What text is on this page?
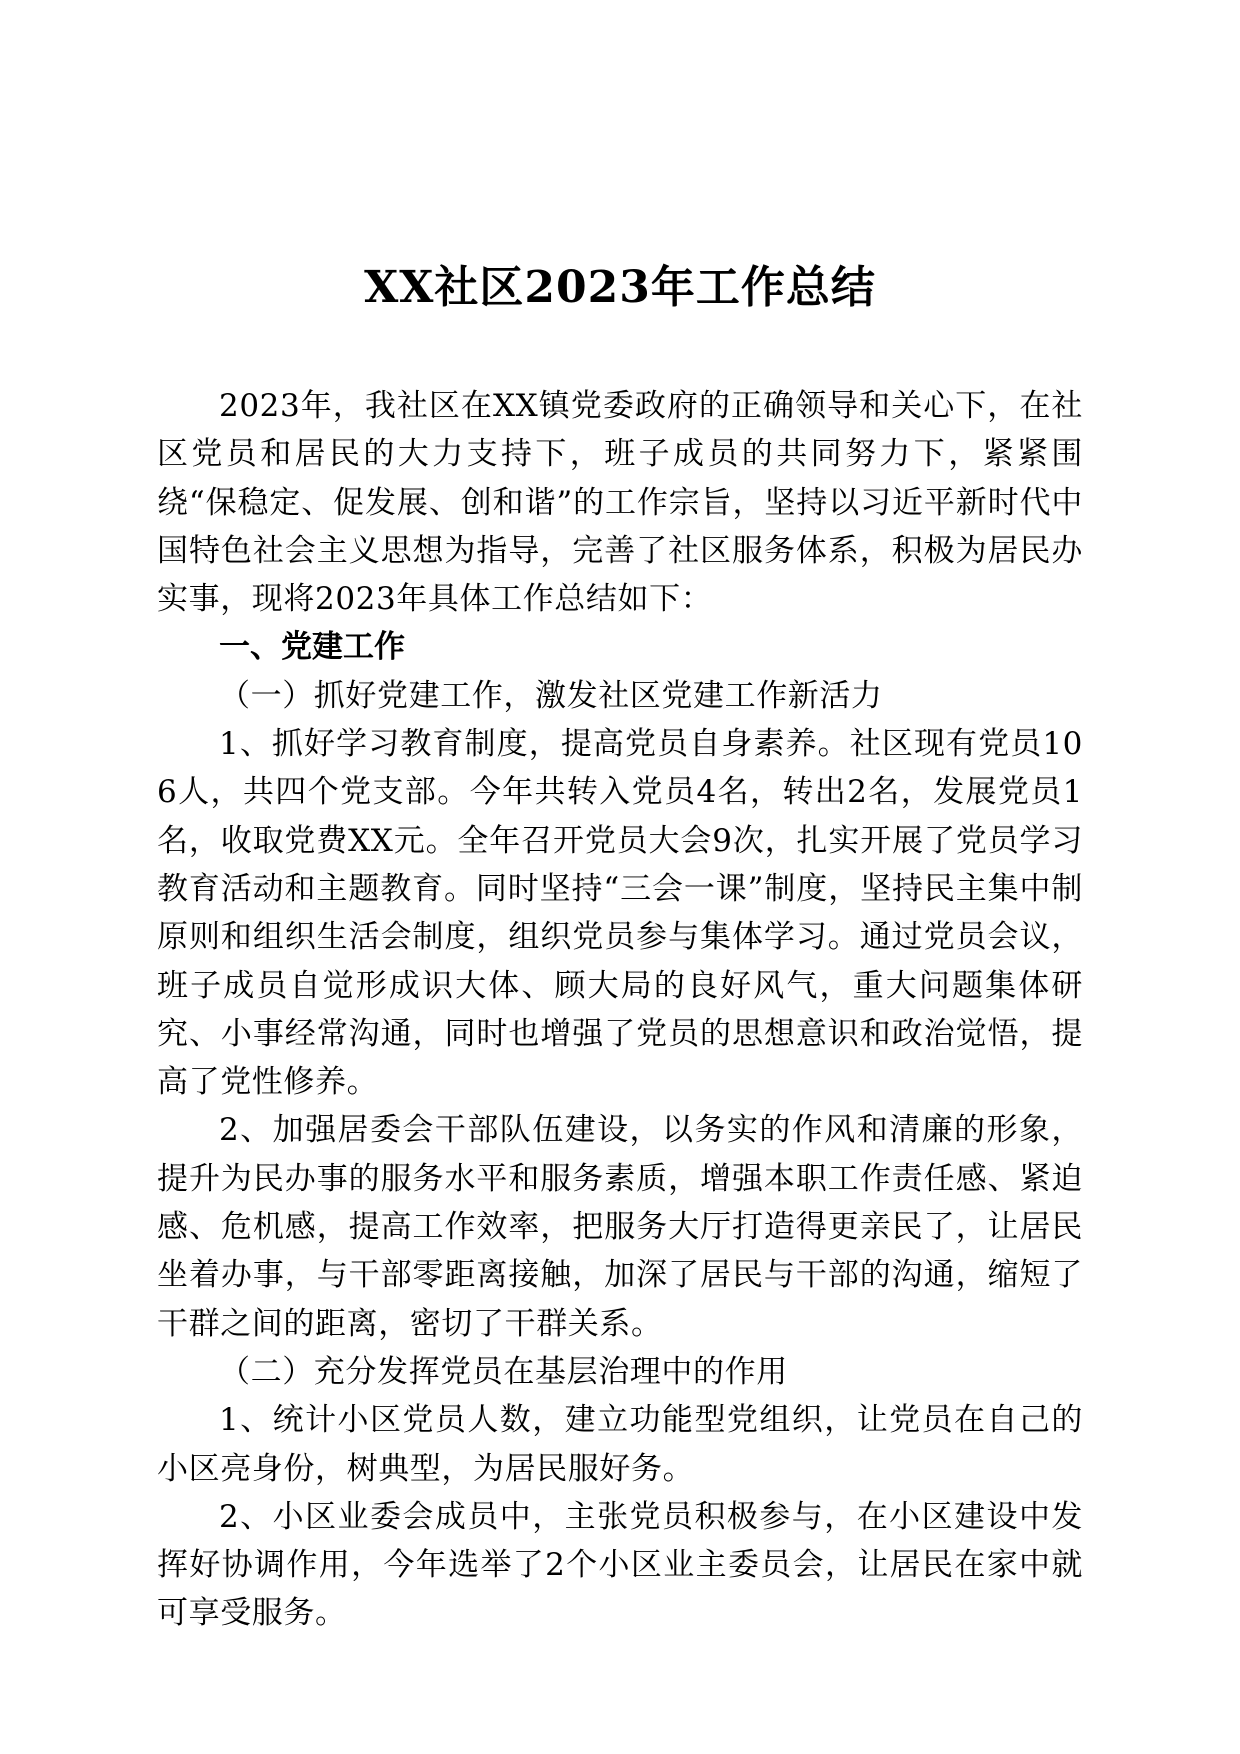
XX社区2023年工作总结

2023年，我社区在XX镇党委政府的正确领导和关心下，在社区党员和居民的大力支持下，班子成员的共同努力下，紧紧围绕“保稳定、促发展、创和谐”的工作宗旨，坚持以习近平新时代中国特色社会主义思想为指导，完善了社区服务体系，积极为居民办实事，现将2023年具体工作总结如下：

一、党建工作

（一）抓好党建工作，激发社区党建工作新活力

1、抓好学习教育制度，提高党员自身素养。社区现有党员106人，共四个党支部。今年共转入党员4名，转出2名，发展党员1名，收取党费XX元。全年召开党员大会9次，扎实开展了党员学习教育活动和主题教育。同时坚持“三会一课”制度，坚持民主集中制原则和组织生活会制度，组织党员参与集体学习。通过党员会议，班子成员自觉形成识大体、顾大局的良好风气，重大问题集体研究、小事经常沟通，同时也增强了党员的思想意识和政治觉悟，提高了党性修养。

2、加强居委会干部队伍建设，以务实的作风和清廉的形象，提升为民办事的服务水平和服务素质，增强本职工作责任感、紧迫感、危机感，提高工作效率，把服务大厅打造得更亲民了，让居民坐着办事，与干部零距离接触，加深了居民与干部的沟通，缩短了干群之间的距离，密切了干群关系。

（二）充分发挥党员在基层治理中的作用

1、统计小区党员人数，建立功能型党组织，让党员在自己的小区亮身份，树典型，为居民服好务。

2、小区业委会成员中，主张党员积极参与，在小区建设中发挥好协调作用，今年选举了2个小区业主委员会，让居民在家中就可享受服务。
